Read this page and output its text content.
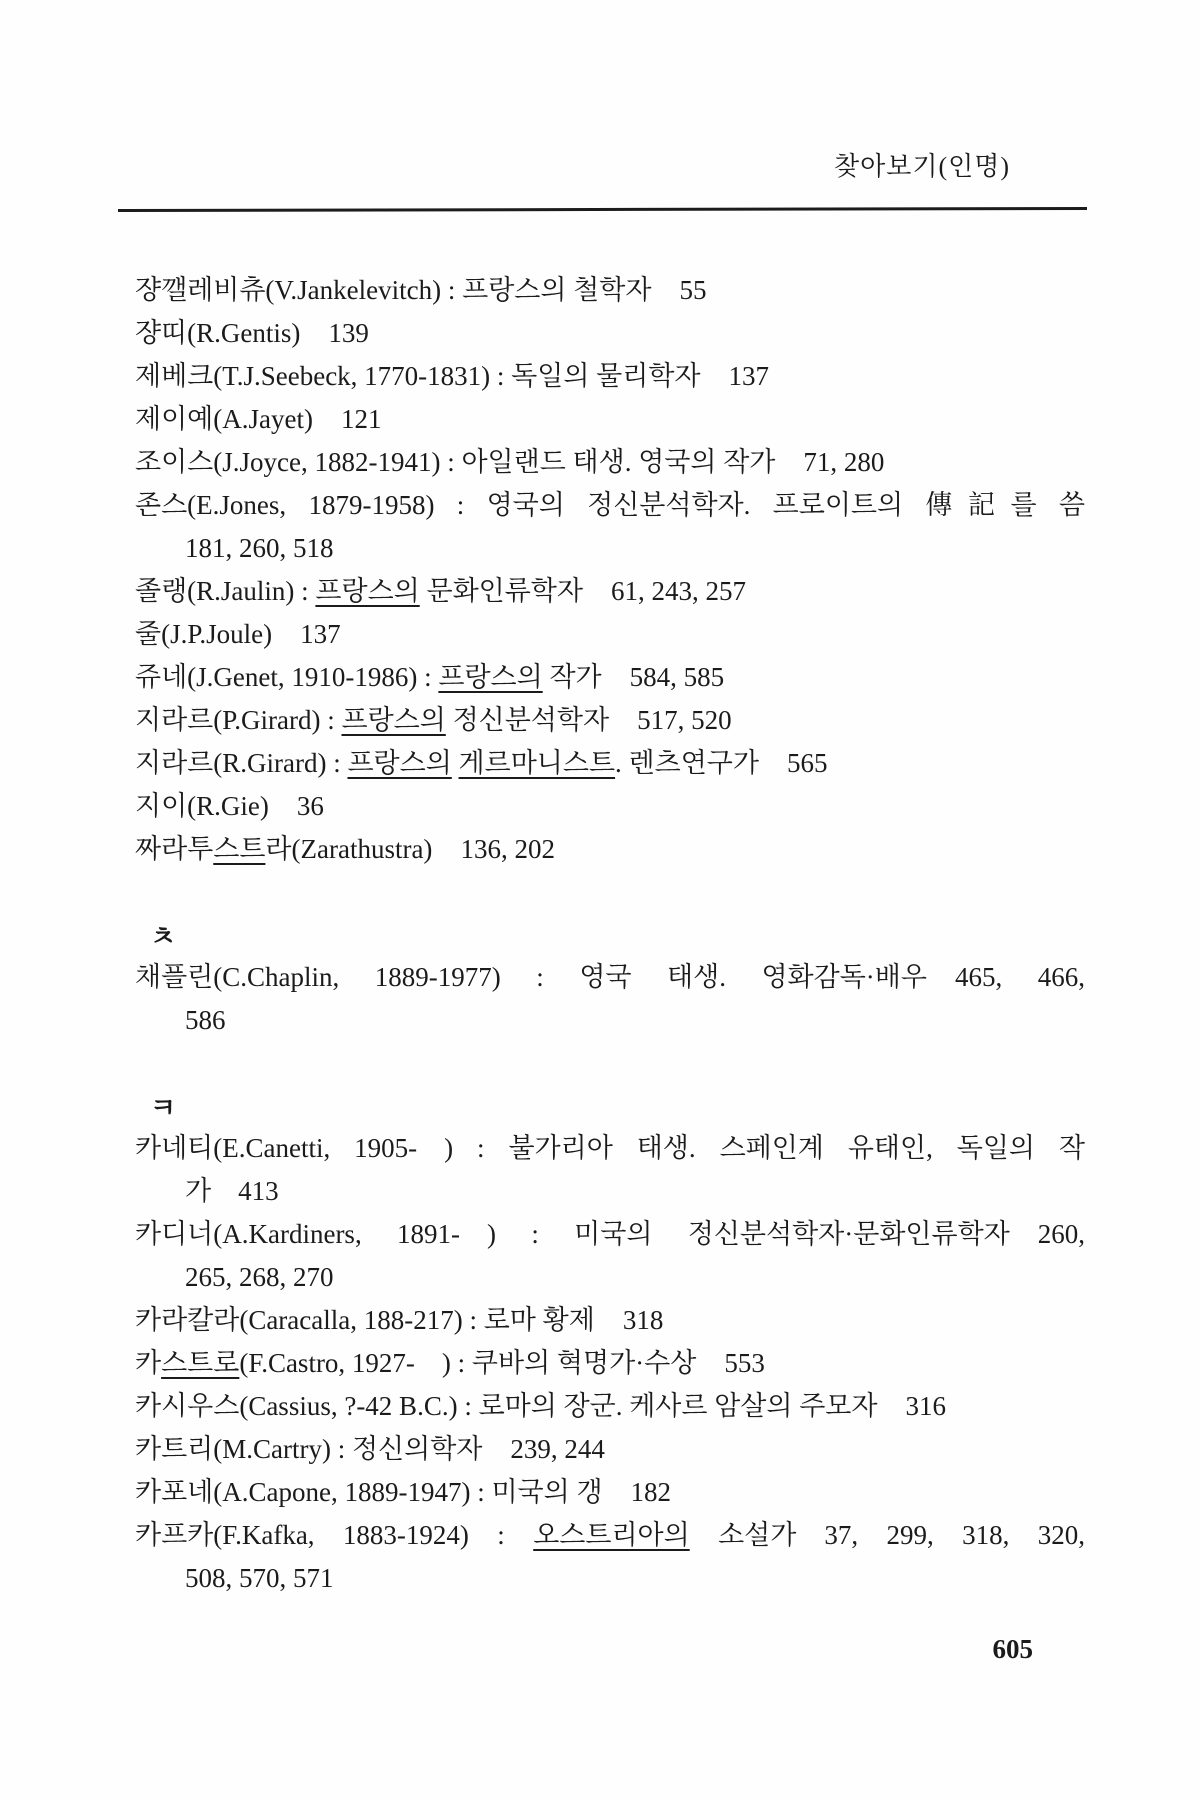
찾아보기(인명)
쟝깰레비츄(V.Jankelevitch) : 프랑스의 철학자 55
쟝띠(R.Gentis) 139
제베크(T.J.Seebeck, 1770-1831) : 독일의 물리학자 137
제이예(A.Jayet) 121
조이스(J.Joyce, 1882-1941) : 아일랜드 태생. 영국의 작가 71, 280
존스(E.Jones, 1879-1958) : 영국의 정신분석학자. 프로이트의 傳記를 씀
181, 260, 518
졸랭(R.Jaulin) : 프랑스의 문화인류학자 61, 243, 257
줄(J.P.Joule) 137
쥬네(J.Genet, 1910-1986) : 프랑스의 작가 584, 585
지라르(P.Girard) : 프랑스의 정신분석학자 517, 520
지라르(R.Girard) : 프랑스의 게르마니스트. 렌츠연구가 565
지이(R.Gie) 36
짜라투스트라(Zarathustra) 136, 202
ㅊ
채플린(C.Chaplin, 1889-1977) : 영국 태생. 영화감독·배우 465, 466,
586
ㅋ
카네티(E.Canetti, 1905-  ) : 불가리아 태생. 스페인계 유태인, 독일의 작
가  413
카디너(A.Kardiners, 1891-  ) : 미국의 정신분석학자·문화인류학자 260,
265, 268, 270
카라칼라(Caracalla, 188-217) : 로마 황제 318
카스트로(F.Castro, 1927-  ) : 쿠바의 혁명가·수상 553
카시우스(Cassius, ?-42 B.C.) : 로마의 장군. 케사르 암살의 주모자 316
카트리(M.Cartry) : 정신의학자 239, 244
카포네(A.Capone, 1889-1947) : 미국의 갱 182
카프카(F.Kafka, 1883-1924) : 오스트리아의 소설가 37, 299, 318, 320,
508, 570, 571
605
